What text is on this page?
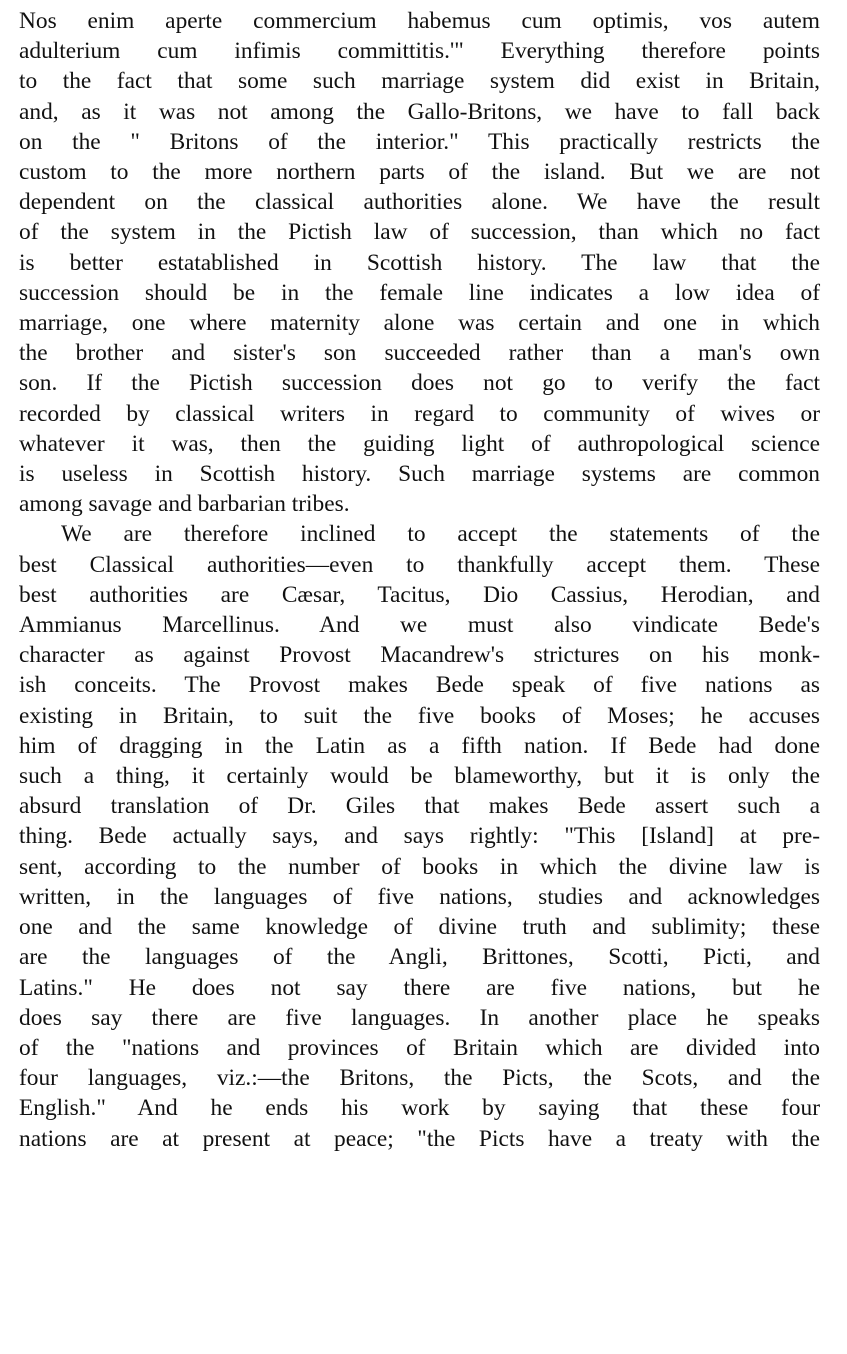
Nos enim aperte commercium habemus cum optimis, vos autem
adulterium cum infimis committitis.'" Everything therefore points
to the fact that some such marriage system did exist in Britain,
and, as it was not among the Gallo-Britons, we have to fall back
on the " Britons of the interior." This practically restricts the
custom to the more northern parts of the island. But we are not
dependent on the classical authorities alone. We have the result
of the system in the Pictish law of succession, than which no fact
is better estatablished in Scottish history. The law that the
succession should be in the female line indicates a low idea of
marriage, one where maternity alone was certain and one in which
the brother and sister's son succeeded rather than a man's own
son. If the Pictish succession does not go to verify the fact
recorded by classical writers in regard to community of wives or
whatever it was, then the guiding light of authropological science
is useless in Scottish history. Such marriage systems are common
among savage and barbarian tribes.
We are therefore inclined to accept the statements of the
best Classical authorities—even to thankfully accept them. These
best authorities are Cæsar, Tacitus, Dio Cassius, Herodian, and
Ammianus Marcellinus. And we must also vindicate Bede's
character as against Provost Macandrew's strictures on his monk-
ish conceits. The Provost makes Bede speak of five nations as
existing in Britain, to suit the five books of Moses; he accuses
him of dragging in the Latin as a fifth nation. If Bede had done
such a thing, it certainly would be blameworthy, but it is only the
absurd translation of Dr. Giles that makes Bede assert such a
thing. Bede actually says, and says rightly: "This [Island] at pre-
sent, according to the number of books in which the divine law is
written, in the languages of five nations, studies and acknowledges
one and the same knowledge of divine truth and sublimity; these
are the languages of the Angli, Brittones, Scotti, Picti, and
Latins." He does not say there are five nations, but he
does say there are five languages. In another place he speaks
of the "nations and provinces of Britain which are divided into
four languages, viz.:—the Britons, the Picts, the Scots, and the
English." And he ends his work by saying that these four
nations are at present at peace; "the Picts have a treaty with the
